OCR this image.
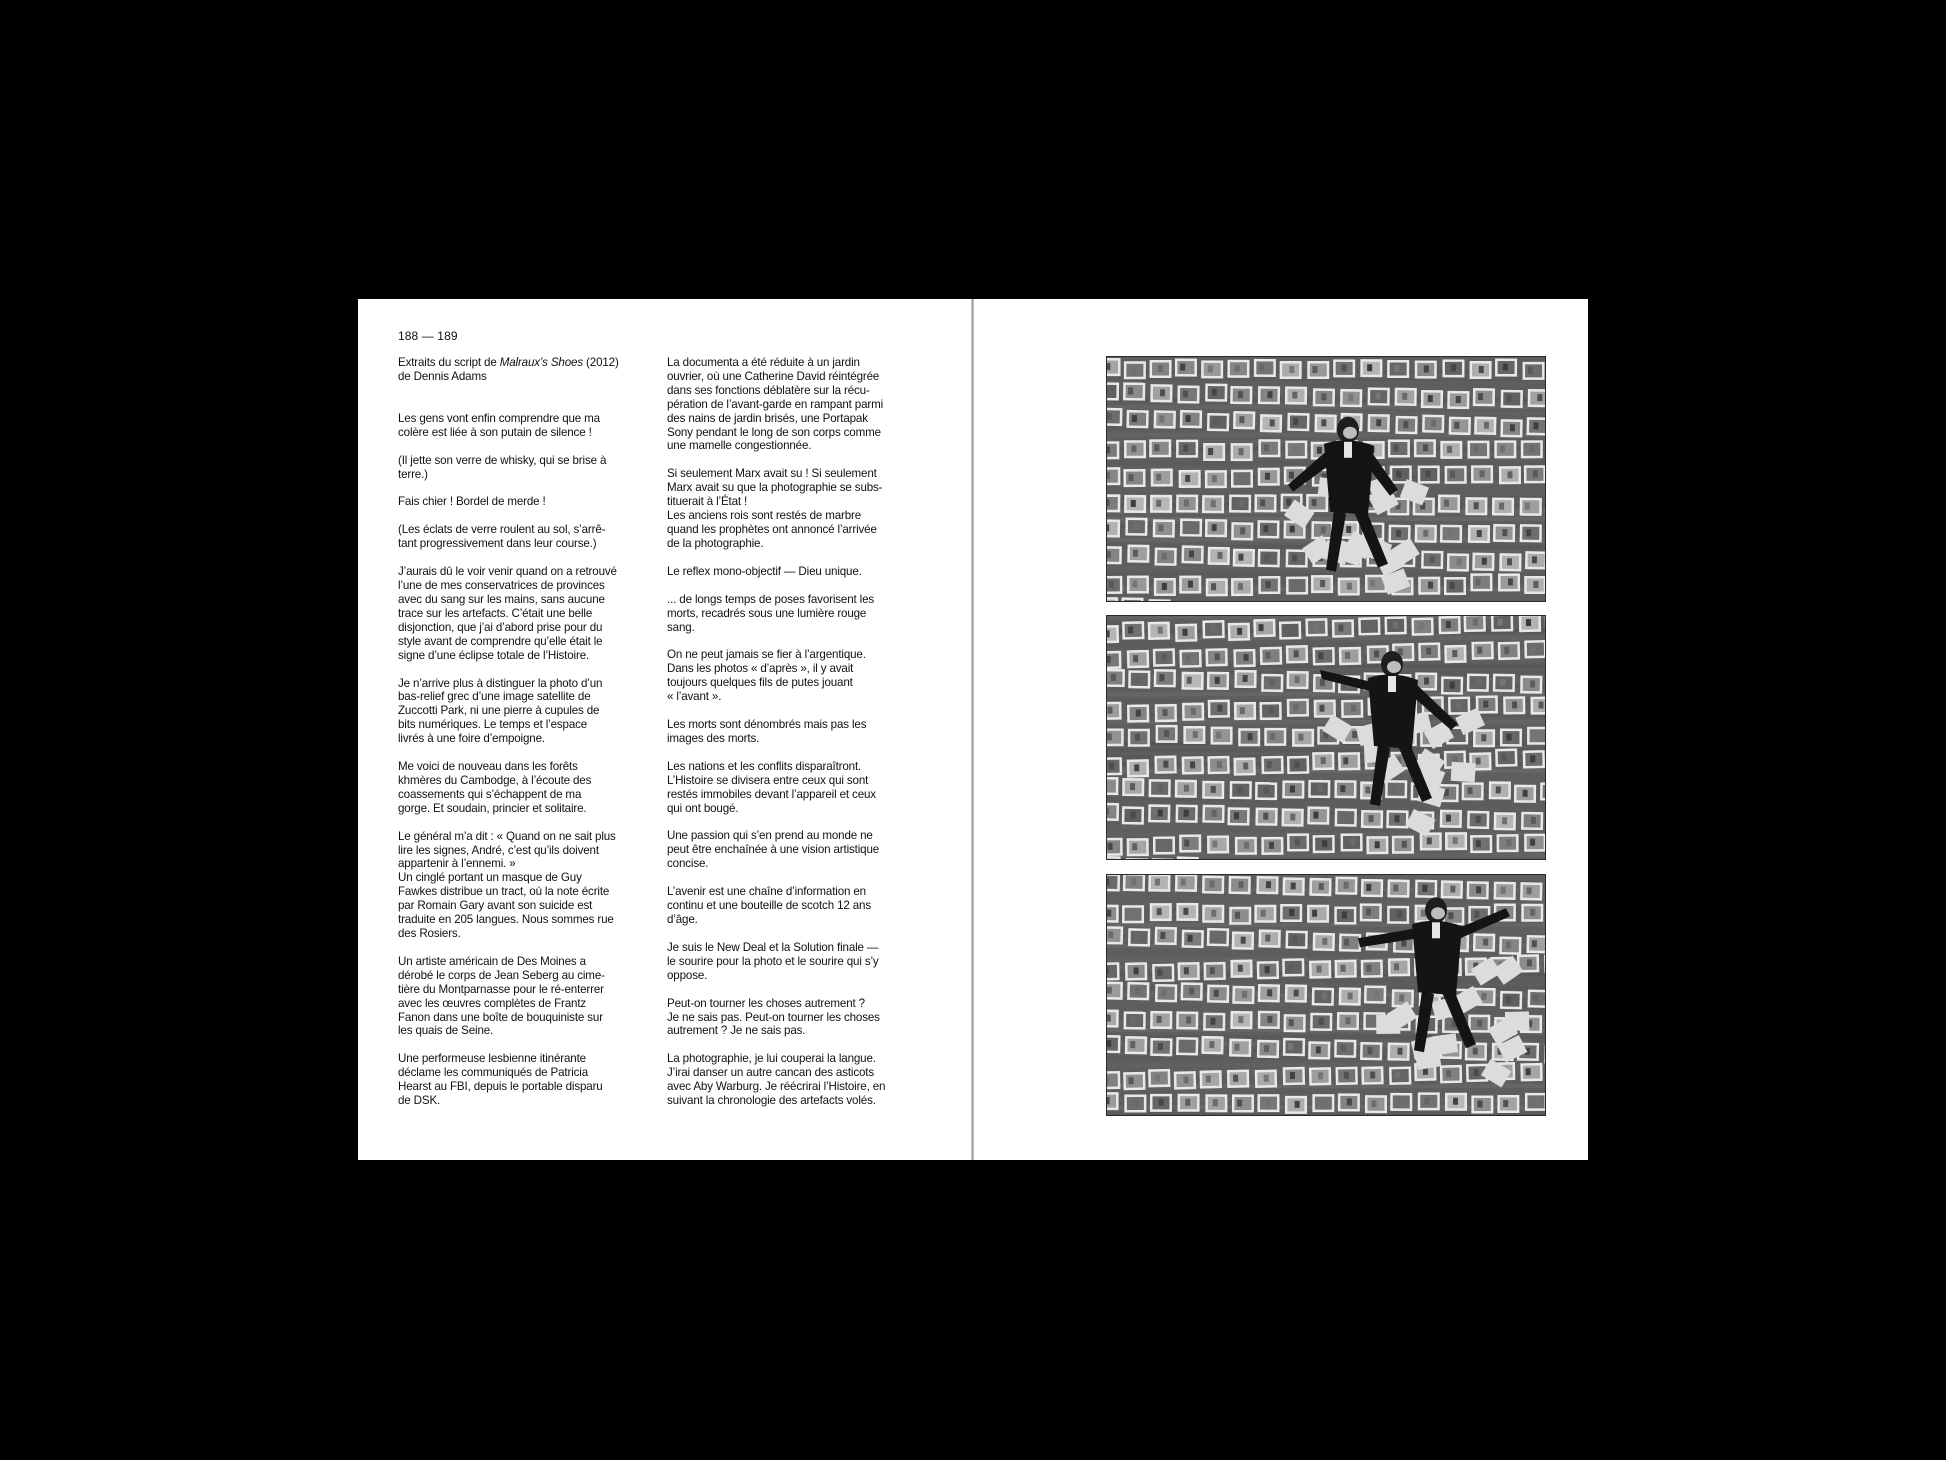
188 — 189

Extraits du script de Malraux’s Shoes (2012)
de Dennis Adams

Les gens vont enfin comprendre que ma
colère est liée à son putain de silence !

(Il jette son verre de whisky, qui se brise à
terre.)

Fais chier ! Bordel de merde !

(Les éclats de verre roulent au sol, s’arrê-
tant progressivement dans leur course.)

J’aurais dû le voir venir quand on a retrouvé
l’une de mes conservatrices de provinces
avec du sang sur les mains, sans aucune
trace sur les artefacts. C’était une belle
disjonction, que j’ai d’abord prise pour du
style avant de comprendre qu’elle était le
signe d’une éclipse totale de l’Histoire.

Je n’arrive plus à distinguer la photo d’un
bas-relief grec d’une image satellite de
Zuccotti Park, ni une pierre à cupules de
bits numériques. Le temps et l’espace
livrés à une foire d’empoigne.

Me voici de nouveau dans les forêts
khmères du Cambodge, à l’écoute des
coassements qui s’échappent de ma
gorge. Et soudain, princier et solitaire.

Le général m’a dit : « Quand on ne sait plus
lire les signes, André, c’est qu’ils doivent
appartenir à l’ennemi. »
Un cinglé portant un masque de Guy
Fawkes distribue un tract, où la note écrite
par Romain Gary avant son suicide est
traduite en 205 langues. Nous sommes rue
des Rosiers.

Un artiste américain de Des Moines a
dérobé le corps de Jean Seberg au cime-
tière du Montparnasse pour le ré-enterrer
avec les œuvres complètes de Frantz
Fanon dans une boîte de bouquiniste sur
les quais de Seine.

Une performeuse lesbienne itinérante
déclame les communiqués de Patricia
Hearst au FBI, depuis le portable disparu
de DSK.

La documenta a été réduite à un jardin
ouvrier, où une Catherine David réintégrée
dans ses fonctions déblatère sur la récu-
pération de l’avant-garde en rampant parmi
des nains de jardin brisés, une Portapak
Sony pendant le long de son corps comme
une mamelle congestionnée.

Si seulement Marx avait su ! Si seulement
Marx avait su que la photographie se subs-
tituerait à l’État !
Les anciens rois sont restés de marbre
quand les prophètes ont annoncé l’arrivée
de la photographie.

Le reflex mono-objectif — Dieu unique.

... de longs temps de poses favorisent les
morts, recadrés sous une lumière rouge
sang.

On ne peut jamais se fier à l’argentique.
Dans les photos « d’après », il y avait
toujours quelques fils de putes jouant
« l’avant ».

Les morts sont dénombrés mais pas les
images des morts.

Les nations et les conflits disparaîtront.
L’Histoire se divisera entre ceux qui sont
restés immobiles devant l’appareil et ceux
qui ont bougé.

Une passion qui s’en prend au monde ne
peut être enchaînée à une vision artistique
concise.

L’avenir est une chaîne d’information en
continu et une bouteille de scotch 12 ans
d’âge.

Je suis le New Deal et la Solution finale —
le sourire pour la photo et le sourire qui s’y
oppose.

Peut-on tourner les choses autrement ?
Je ne sais pas. Peut-on tourner les choses
autrement ? Je ne sais pas.

La photographie, je lui couperai la langue.
J’irai danser un autre cancan des asticots
avec Aby Warburg. Je réécrirai l’Histoire, en
suivant la chronologie des artefacts volés.
